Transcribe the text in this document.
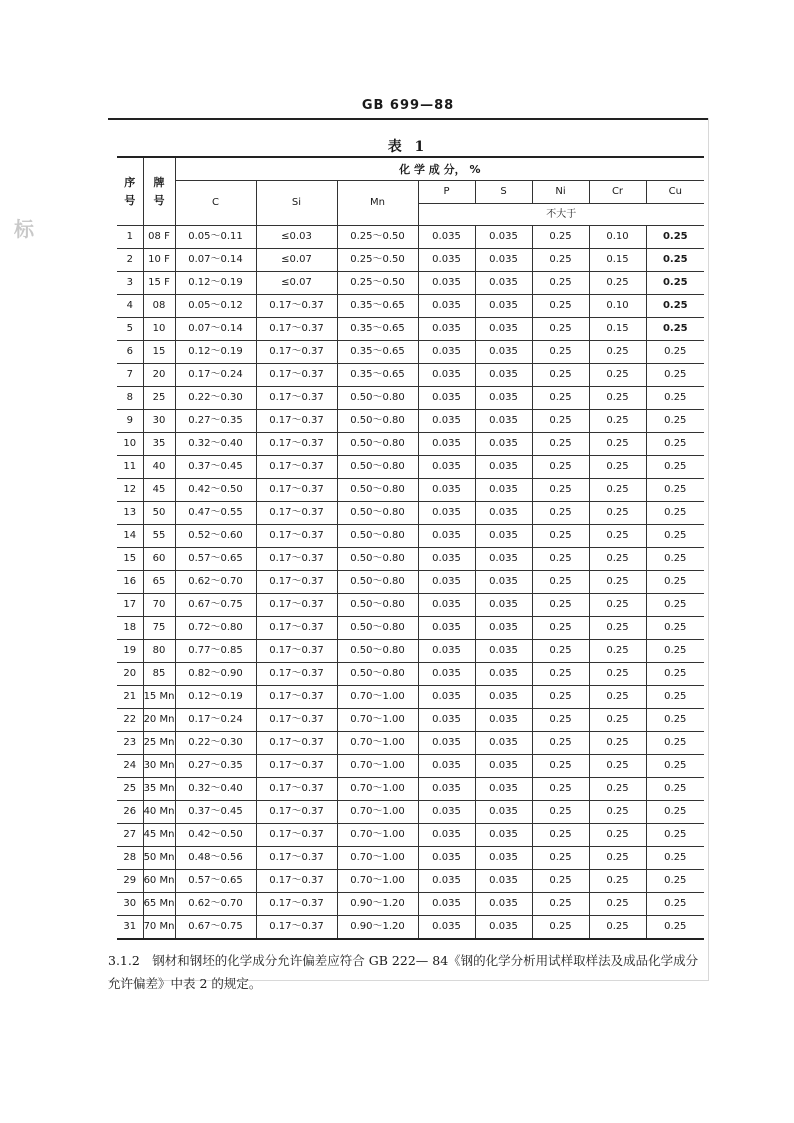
GB 699—88
标
表 1
序号	牌号	化 学 成 分， %							
		C	Si	Mn	P	S	Ni	Cr	Cu
					不大于				
1	08 F	0.05～0.11	≤0.03	0.25～0.50	0.035	0.035	0.25	0.10	0.25
2	10 F	0.07～0.14	≤0.07	0.25～0.50	0.035	0.035	0.25	0.15	0.25
3	15 F	0.12～0.19	≤0.07	0.25～0.50	0.035	0.035	0.25	0.25	0.25
4	08	0.05～0.12	0.17～0.37	0.35～0.65	0.035	0.035	0.25	0.10	0.25
5	10	0.07～0.14	0.17～0.37	0.35～0.65	0.035	0.035	0.25	0.15	0.25
6	15	0.12～0.19	0.17～0.37	0.35～0.65	0.035	0.035	0.25	0.25	0.25
7	20	0.17～0.24	0.17～0.37	0.35～0.65	0.035	0.035	0.25	0.25	0.25
8	25	0.22～0.30	0.17～0.37	0.50～0.80	0.035	0.035	0.25	0.25	0.25
9	30	0.27～0.35	0.17～0.37	0.50～0.80	0.035	0.035	0.25	0.25	0.25
10	35	0.32～0.40	0.17～0.37	0.50～0.80	0.035	0.035	0.25	0.25	0.25
11	40	0.37～0.45	0.17～0.37	0.50～0.80	0.035	0.035	0.25	0.25	0.25
12	45	0.42～0.50	0.17～0.37	0.50～0.80	0.035	0.035	0.25	0.25	0.25
13	50	0.47～0.55	0.17～0.37	0.50～0.80	0.035	0.035	0.25	0.25	0.25
14	55	0.52～0.60	0.17～0.37	0.50～0.80	0.035	0.035	0.25	0.25	0.25
15	60	0.57～0.65	0.17～0.37	0.50～0.80	0.035	0.035	0.25	0.25	0.25
16	65	0.62～0.70	0.17～0.37	0.50～0.80	0.035	0.035	0.25	0.25	0.25
17	70	0.67～0.75	0.17～0.37	0.50～0.80	0.035	0.035	0.25	0.25	0.25
18	75	0.72～0.80	0.17～0.37	0.50～0.80	0.035	0.035	0.25	0.25	0.25
19	80	0.77～0.85	0.17～0.37	0.50～0.80	0.035	0.035	0.25	0.25	0.25
20	85	0.82～0.90	0.17～0.37	0.50～0.80	0.035	0.035	0.25	0.25	0.25
21	15 Mn	0.12～0.19	0.17～0.37	0.70～1.00	0.035	0.035	0.25	0.25	0.25
22	20 Mn	0.17～0.24	0.17～0.37	0.70～1.00	0.035	0.035	0.25	0.25	0.25
23	25 Mn	0.22～0.30	0.17～0.37	0.70～1.00	0.035	0.035	0.25	0.25	0.25
24	30 Mn	0.27～0.35	0.17～0.37	0.70～1.00	0.035	0.035	0.25	0.25	0.25
25	35 Mn	0.32～0.40	0.17～0.37	0.70～1.00	0.035	0.035	0.25	0.25	0.25
26	40 Mn	0.37～0.45	0.17～0.37	0.70～1.00	0.035	0.035	0.25	0.25	0.25
27	45 Mn	0.42～0.50	0.17～0.37	0.70～1.00	0.035	0.035	0.25	0.25	0.25
28	50 Mn	0.48～0.56	0.17～0.37	0.70～1.00	0.035	0.035	0.25	0.25	0.25
29	60 Mn	0.57～0.65	0.17～0.37	0.70～1.00	0.035	0.035	0.25	0.25	0.25
30	65 Mn	0.62～0.70	0.17～0.37	0.90～1.20	0.035	0.035	0.25	0.25	0.25
31	70 Mn	0.67～0.75	0.17～0.37	0.90～1.20	0.035	0.035	0.25	0.25	0.25
3.1.2　钢材和钢坯的化学成分允许偏差应符合 GB 222— 84《钢的化学分析用试样取样法及成品化学成分允许偏差》中表 2 的规定。
